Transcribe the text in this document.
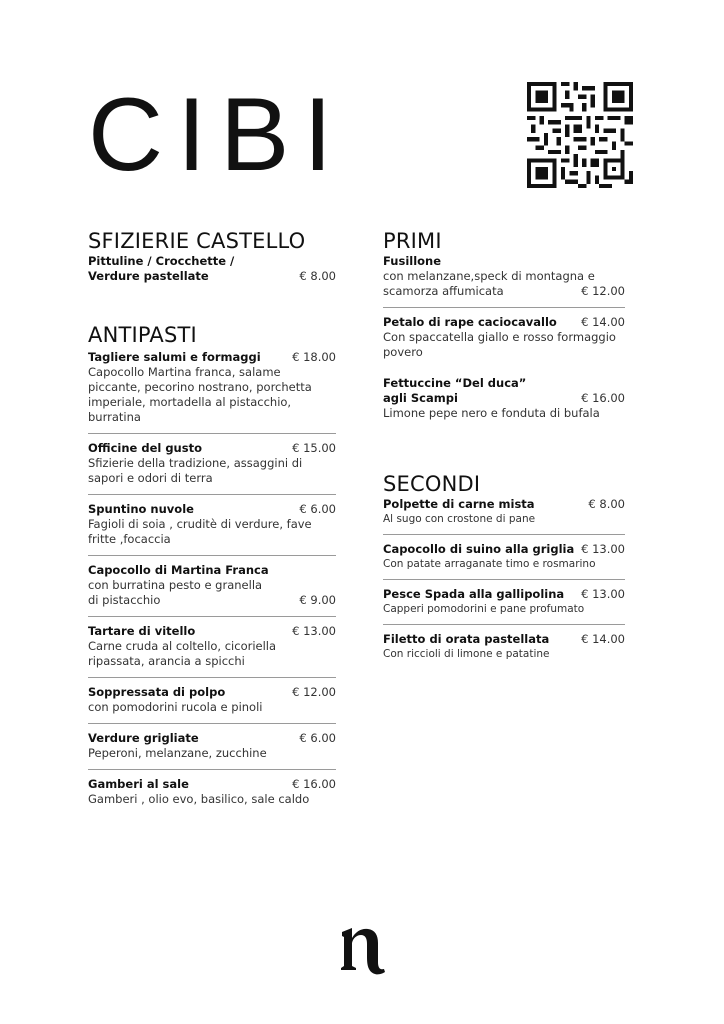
CIBI
SFIZIERIE CASTELLO
Pittuline / Crocchette /
Verdure pastellate	€ 8.00
ANTIPASTI
Tagliere salumi e formaggi	€ 18.00
Capocollo Martina franca, salame piccante, pecorino nostrano, porchetta imperiale, mortadella al pistacchio, burratina
Officine del gusto	€ 15.00
Sfizierie della tradizione, assaggini di sapori e odori di terra
Spuntino nuvole	€ 6.00
Fagioli di soia , cruditè di verdure, fave fritte ,focaccia
Capocollo di Martina Franca
con burratina pesto e granella di pistacchio	€ 9.00
Tartare di vitello	€ 13.00
Carne cruda al coltello, cicoriella ripassata, arancia a spicchi
Soppressata di polpo	€ 12.00
con pomodorini rucola e pinoli
Verdure grigliate	€ 6.00
Peperoni, melanzane, zucchine
Gamberi al sale	€ 16.00
Gamberi , olio evo, basilico, sale caldo
PRIMI
Fusillone
con melanzane,speck di montagna e
scamorza affumicata	€ 12.00
Petalo di rape caciocavallo	€ 14.00
Con spaccatella giallo e rosso formaggio povero
Fettuccine “Del duca”
agli Scampi	€ 16.00
Limone pepe nero e fonduta di bufala
SECONDI
Polpette di carne mista	€ 8.00
Al sugo con crostone di pane
Capocollo di suino alla griglia € 13.00
Con patate arraganate timo e rosmarino
Pesce Spada alla gallipolina	€ 13.00
Capperi pomodorini e pane profumato
Filetto di orata pastellata	€ 14.00
Con riccioli di limone e patatine
